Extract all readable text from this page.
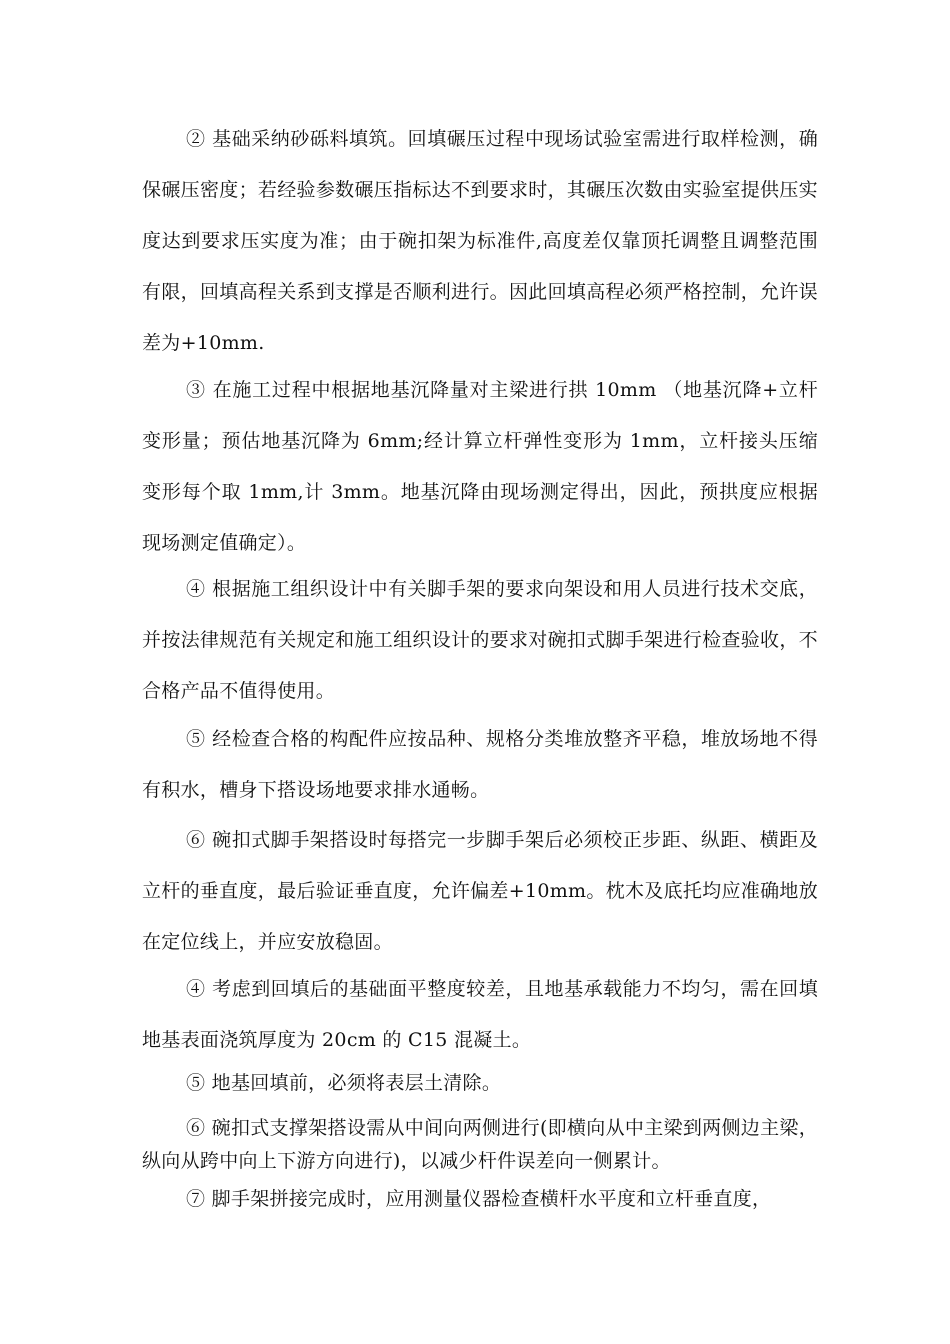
② 基础采纳砂砾料填筑。回填碾压过程中现场试验室需进行取样检测，确保碾压密度；若经验参数碾压指标达不到要求时，其碾压次数由实验室提供压实度达到要求压实度为准；由于碗扣架为标准件,高度差仅靠顶托调整且调整范围有限，回填高程关系到支撑是否顺利进行。因此回填高程必须严格控制，允许误差为+10mm.

③ 在施工过程中根据地基沉降量对主梁进行拱 10mm （地基沉降+立杆变形量；预估地基沉降为 6mm;经计算立杆弹性变形为 1mm，立杆接头压缩变形每个取 1mm,计 3mm。地基沉降由现场测定得出，因此，预拱度应根据现场测定值确定）。

④ 根据施工组织设计中有关脚手架的要求向架设和用人员进行技术交底，并按法律规范有关规定和施工组织设计的要求对碗扣式脚手架进行检查验收，不合格产品不值得使用。

⑤ 经检查合格的构配件应按品种、规格分类堆放整齐平稳，堆放场地不得有积水，槽身下搭设场地要求排水通畅。

⑥ 碗扣式脚手架搭设时每搭完一步脚手架后必须校正步距、纵距、横距及立杆的垂直度，最后验证垂直度，允许偏差+10mm。枕木及底托均应准确地放在定位线上，并应安放稳固。

④ 考虑到回填后的基础面平整度较差，且地基承载能力不均匀，需在回填地基表面浇筑厚度为 20cm 的 C15 混凝土。

⑤ 地基回填前，必须将表层土清除。

⑥ 碗扣式支撑架搭设需从中间向两侧进行(即横向从中主梁到两侧边主梁，纵向从跨中向上下游方向进行)，以减少杆件误差向一侧累计。

⑦ 脚手架拼接完成时，应用测量仪器检查横杆水平度和立杆垂直度，
